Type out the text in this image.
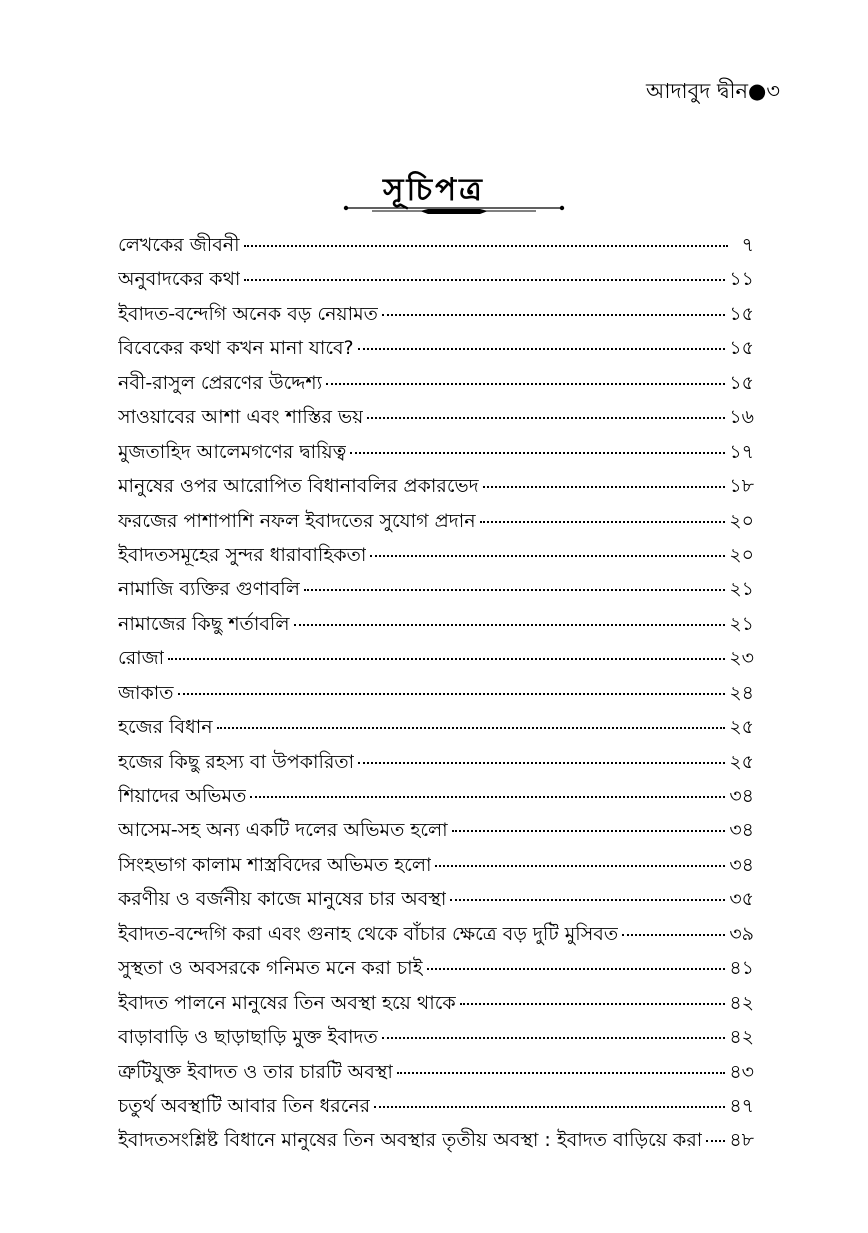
আদাবুদ দ্বীন●৩
সূচিপত্র
লেখকের জীবনী	৭
অনুবাদকের কথা	১১
ইবাদত-বন্দেগি অনেক বড় নেয়ামত	১৫
বিবেকের কথা কখন মানা যাবে?	১৫
নবী-রাসুল প্রেরণের উদ্দেশ্য	১৫
সাওয়াবের আশা এবং শাস্তির ভয়	১৬
মুজতাহিদ আলেমগণের দ্বায়িত্ব	১৭
মানুষের ওপর আরোপিত বিধানাবলির প্রকারভেদ	১৮
ফরজের পাশাপাশি নফল ইবাদতের সুযোগ প্রদান	২০
ইবাদতসমূহের সুন্দর ধারাবাহিকতা	২০
নামাজি ব্যক্তির গুণাবলি	২১
নামাজের কিছু শর্তাবলি	২১
রোজা	২৩
জাকাত	২৪
হজের বিধান	২৫
হজের কিছু রহস্য বা উপকারিতা	২৫
শিয়াদের অভিমত	৩৪
আসেম-সহ অন্য একটি দলের অভিমত হলো	৩৪
সিংহভাগ কালাম শাস্ত্রবিদের অভিমত হলো	৩৪
করণীয় ও বর্জনীয় কাজে মানুষের চার অবস্থা	৩৫
ইবাদত-বন্দেগি করা এবং গুনাহ থেকে বাঁচার ক্ষেত্রে বড় দুটি মুসিবত	৩৯
সুস্থতা ও অবসরকে গনিমত মনে করা চাই	৪১
ইবাদত পালনে মানুষের তিন অবস্থা হয়ে থাকে	৪২
বাড়াবাড়ি ও ছাড়াছাড়ি মুক্ত ইবাদত	৪২
ত্রুটিযুক্ত ইবাদত ও তার চারটি অবস্থা	৪৩
চতুর্থ অবস্থাটি আবার তিন ধরনের	৪৭
ইবাদতসংশ্লিষ্ট বিধানে মানুষের তিন অবস্থার তৃতীয় অবস্থা : ইবাদত বাড়িয়ে করা ৪৮
